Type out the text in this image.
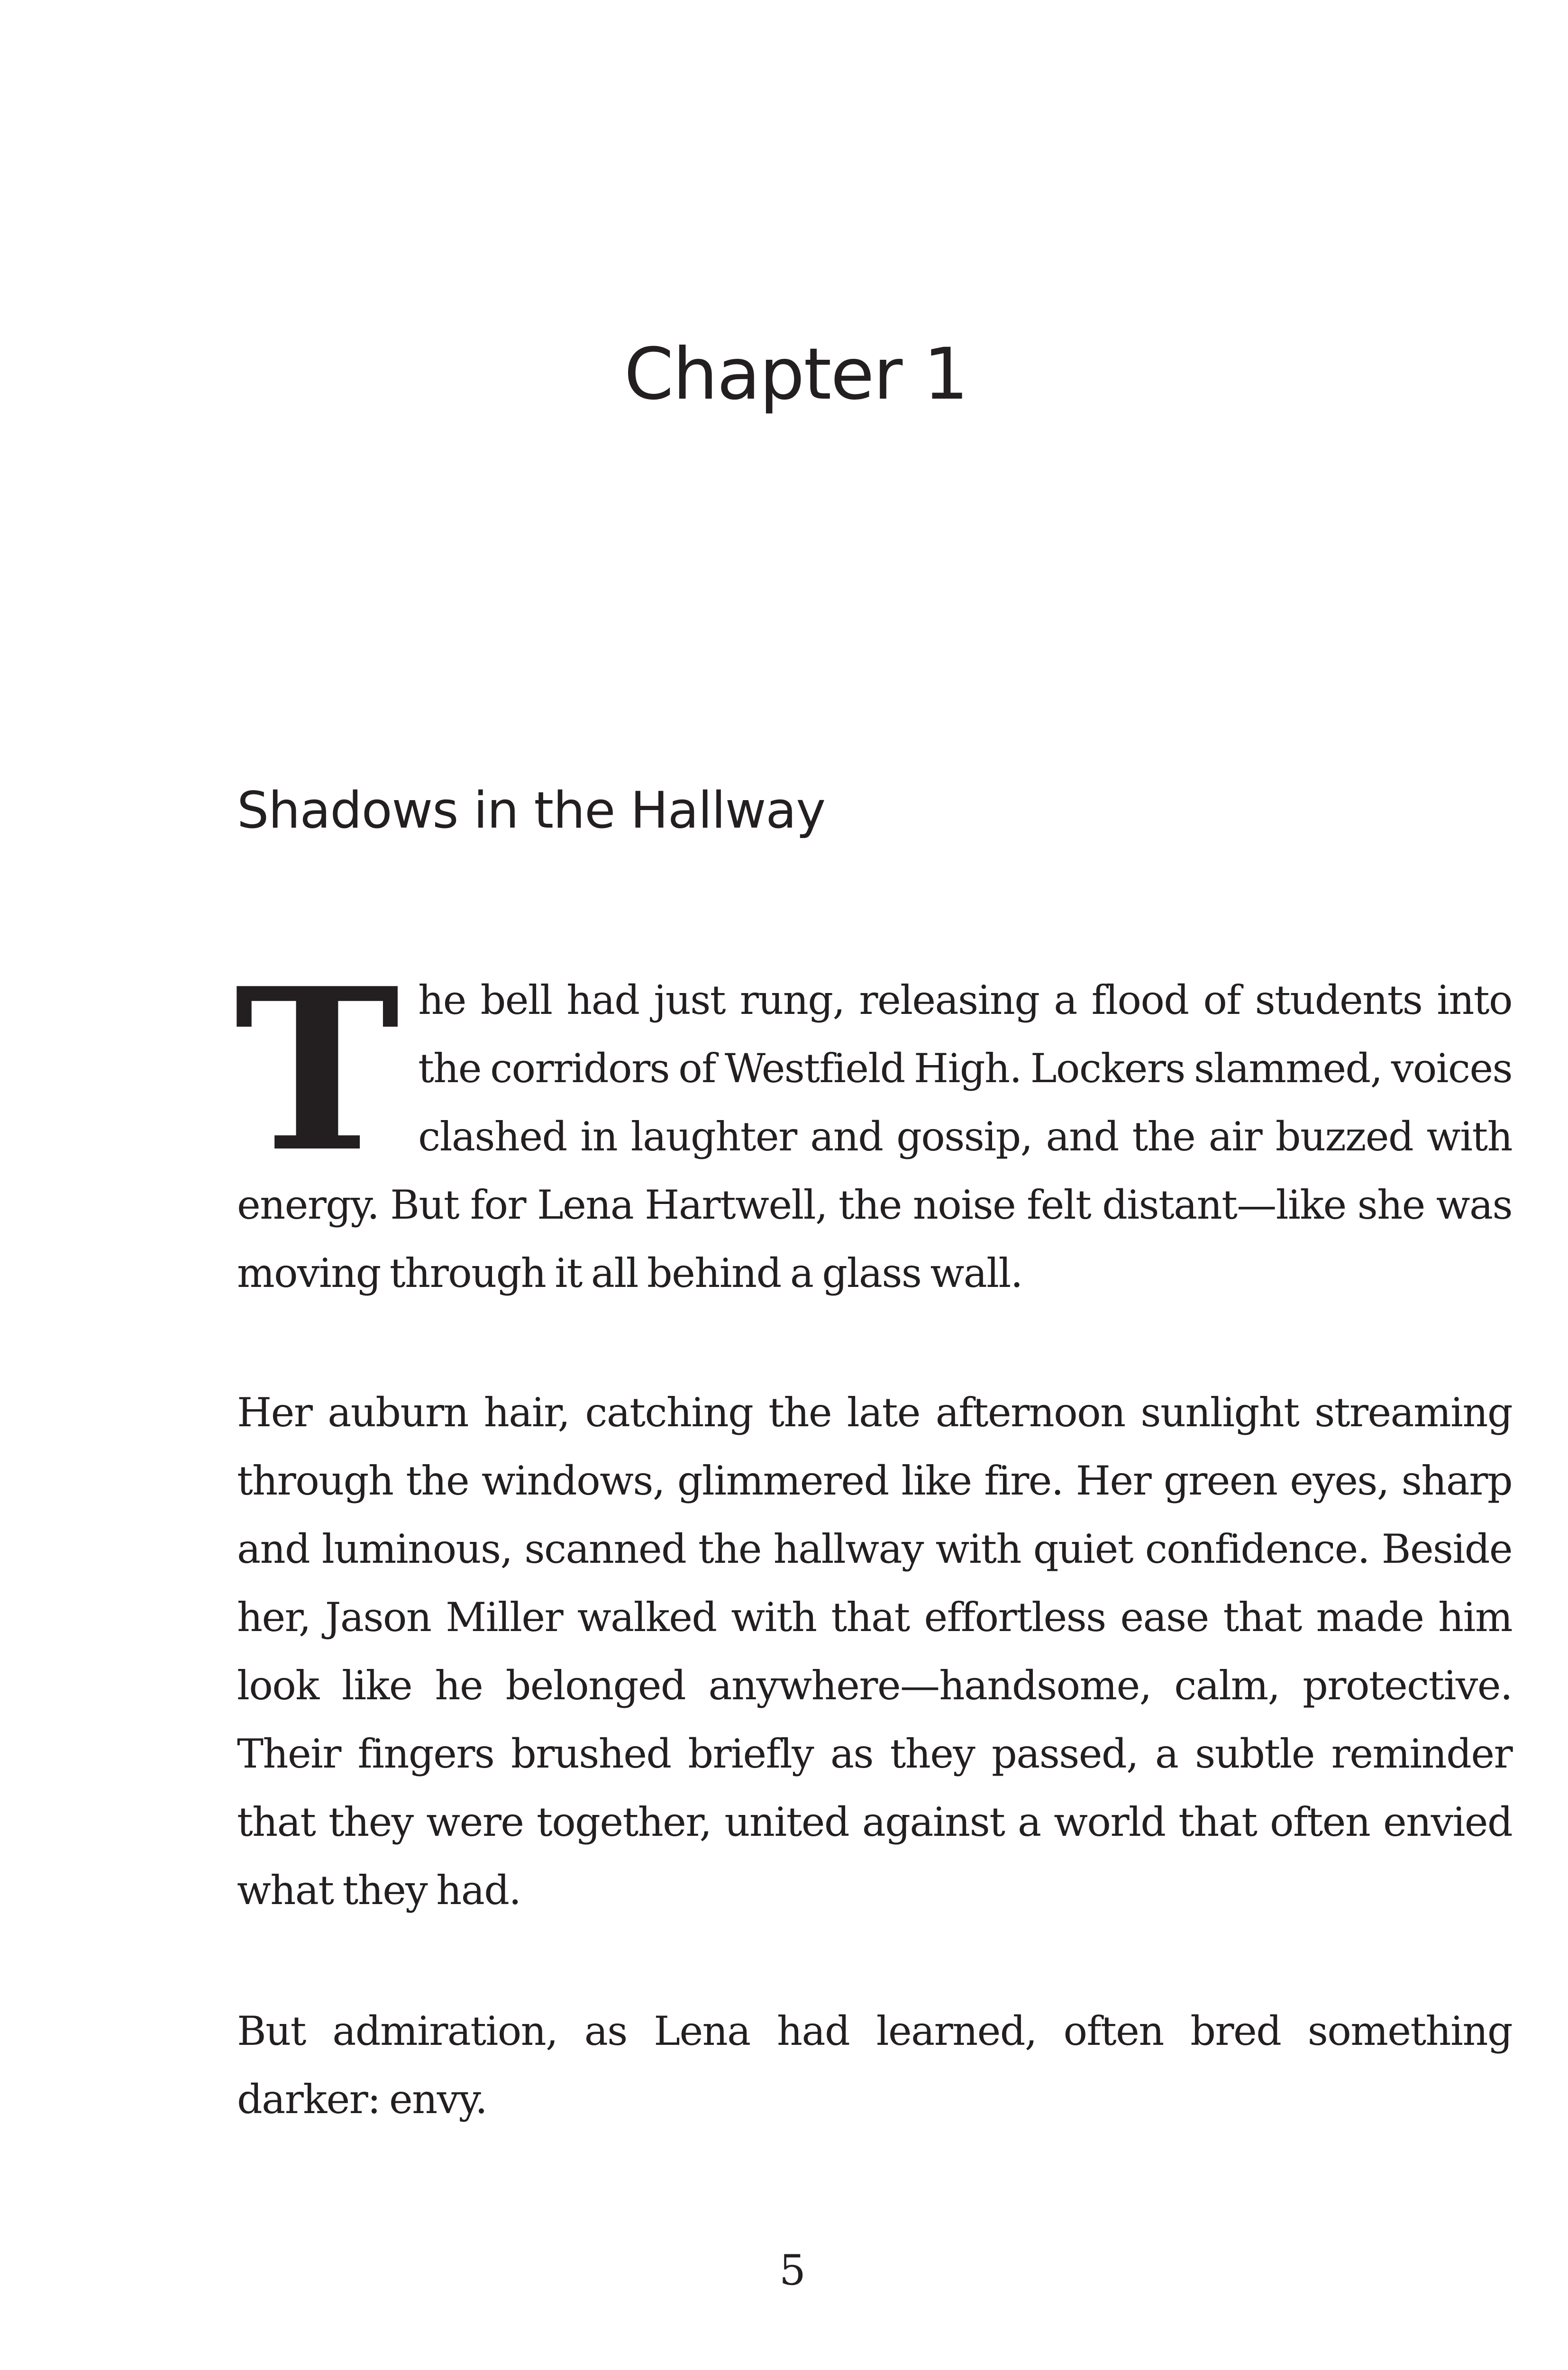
Chapter 1
Shadows in the Hallway

The bell had just rung, releasing a flood of students into the corridors of Westfield High. Lockers slammed, voices clashed in laughter and gossip, and the air buzzed with energy. But for Lena Hartwell, the noise felt distant—like she was moving through it all behind a glass wall.

Her auburn hair, catching the late afternoon sunlight streaming through the windows, glimmered like fire. Her green eyes, sharp and luminous, scanned the hallway with quiet confidence. Beside her, Jason Miller walked with that effortless ease that made him look like he belonged anywhere—handsome, calm, protective. Their fingers brushed briefly as they passed, a subtle reminder that they were together, united against a world that often envied what they had.

But admiration, as Lena had learned, often bred something darker: envy.

5
